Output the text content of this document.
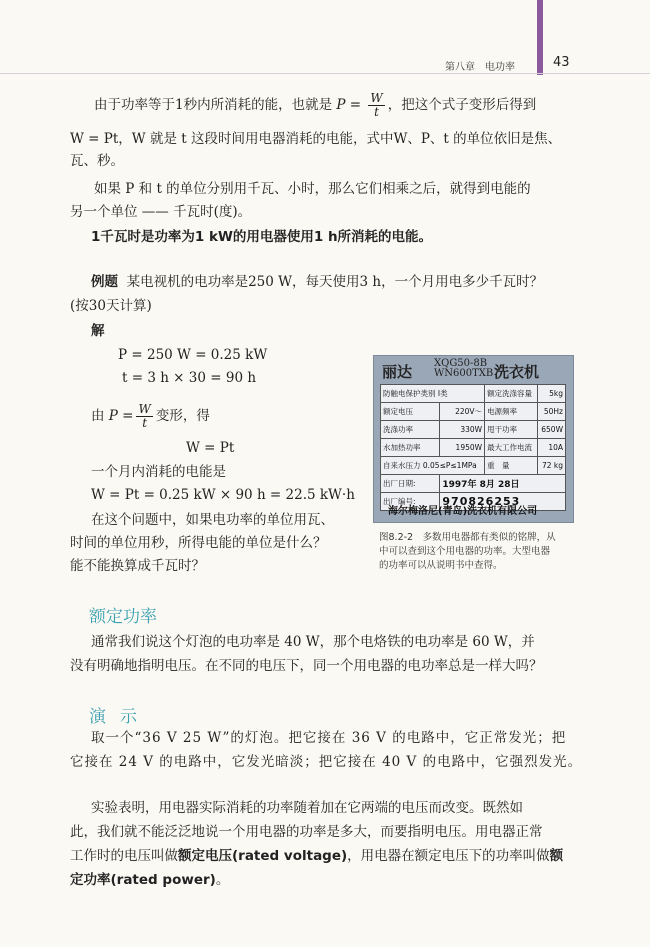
第八章　电功率	43
由于功率等于1秒内所消耗的能，也就是 $P = \frac{W}{t}$ ，把这个式子变形后得到
W = Pt，W 就是 t 这段时间用电器消耗的电能，式中W、P、t 的单位依旧是焦、
瓦、秒。
如果 P 和 t 的单位分别用千瓦、小时，那么它们相乘之后，就得到电能的
另一个单位 —— 千瓦时(度)。
1千瓦时是功率为1 kW的用电器使用1 h所消耗的电能。
例题 某电视机的电功率是250 W，每天使用3 h，一个月用电多少千瓦时？
(按30天计算)
解
P = 250 W = 0.25 kW
t = 3 h × 30 = 90 h
由 $P = \frac{W}{t}$ 变形，得
W = Pt
一个月内消耗的电能是
W = Pt = 0.25 kW × 90 h = 22.5 kW·h
在这个问题中，如果电功率的单位用瓦、
时间的单位用秒，所得电能的单位是什么？
能不能换算成千瓦时？
丽达 XQG50-8B
WN600TXB 洗衣机
防触电保护类别 Ⅰ类		额定洗涤容量	5kg
额定电压	220V～	电源频率	50Hz
洗涤功率	330W	甩干功率	650W
水加热功率	1950W	最大工作电流	10A
自来水压力 0.05≤P≤1MPa		重　量	72 kg
出厂日期:	1997年 8月 28日		
出厂编号:	970826253		
海尔梅洛尼(青岛)洗衣机有限公司
图8.2-2　多数用电器都有类似的铭牌，从
中可以查到这个用电器的功率。大型电器
的功率可以从说明书中查得。
额定功率
通常我们说这个灯泡的电功率是 40 W，那个电烙铁的电功率是 60 W，并
没有明确地指明电压。在不同的电压下，同一个用电器的电功率总是一样大吗？
演示
取一个“36 V 25 W”的灯泡。把它接在 36 V 的电路中，它正常发光；把
它接在 24 V 的电路中，它发光暗淡；把它接在 40 V 的电路中，它强烈发光。
实验表明，用电器实际消耗的功率随着加在它两端的电压而改变。既然如
此，我们就不能泛泛地说一个用电器的功率是多大，而要指明电压。用电器正常
工作时的电压叫做额定电压(rated voltage)，用电器在额定电压下的功率叫做额
定功率(rated power)。
